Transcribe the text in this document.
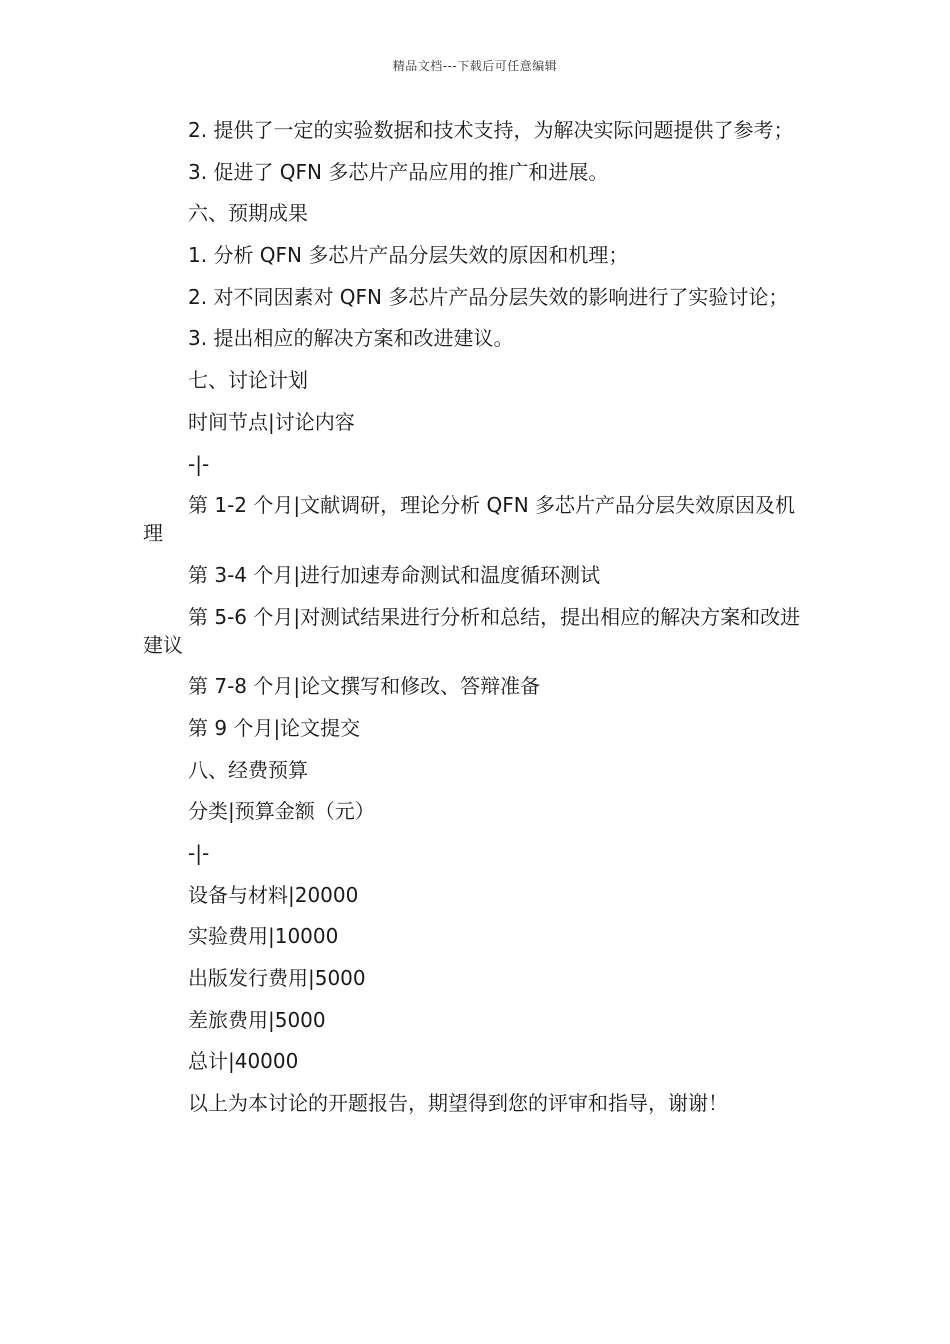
精品文档---下载后可任意编辑

2. 提供了一定的实验数据和技术支持，为解决实际问题提供了参考；

3. 促进了 QFN 多芯片产品应用的推广和进展。

六、预期成果

1. 分析 QFN 多芯片产品分层失效的原因和机理；

2. 对不同因素对 QFN 多芯片产品分层失效的影响进行了实验讨论；

3. 提出相应的解决方案和改进建议。

七、讨论计划

时间节点|讨论内容

-|-

第 1-2 个月|文献调研，理论分析 QFN 多芯片产品分层失效原因及机理

第 3-4 个月|进行加速寿命测试和温度循环测试

第 5-6 个月|对测试结果进行分析和总结，提出相应的解决方案和改进建议

第 7-8 个月|论文撰写和修改、答辩准备

第 9 个月|论文提交

八、经费预算

分类|预算金额（元）

-|-

设备与材料|20000

实验费用|10000

出版发行费用|5000

差旅费用|5000

总计|40000

以上为本讨论的开题报告，期望得到您的评审和指导，谢谢！
